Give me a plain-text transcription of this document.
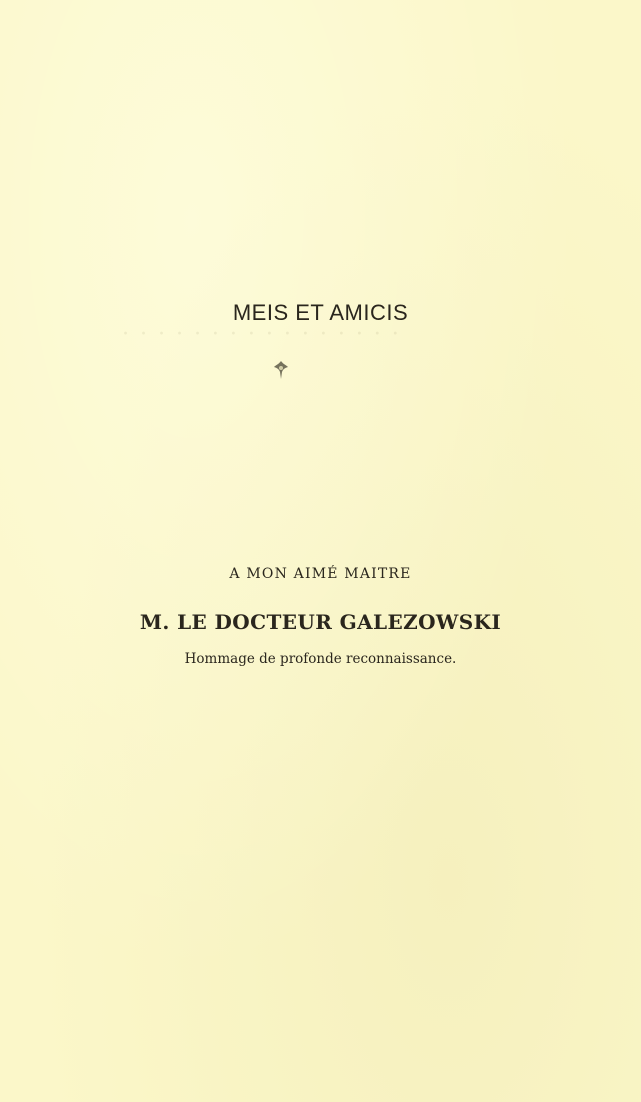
· · · · · · · · · · · · · · · ·
MEIS ET AMICIS
A MON AIMÉ MAITRE
M. LE DOCTEUR GALEZOWSKI
Hommage de profonde reconnaissance.
